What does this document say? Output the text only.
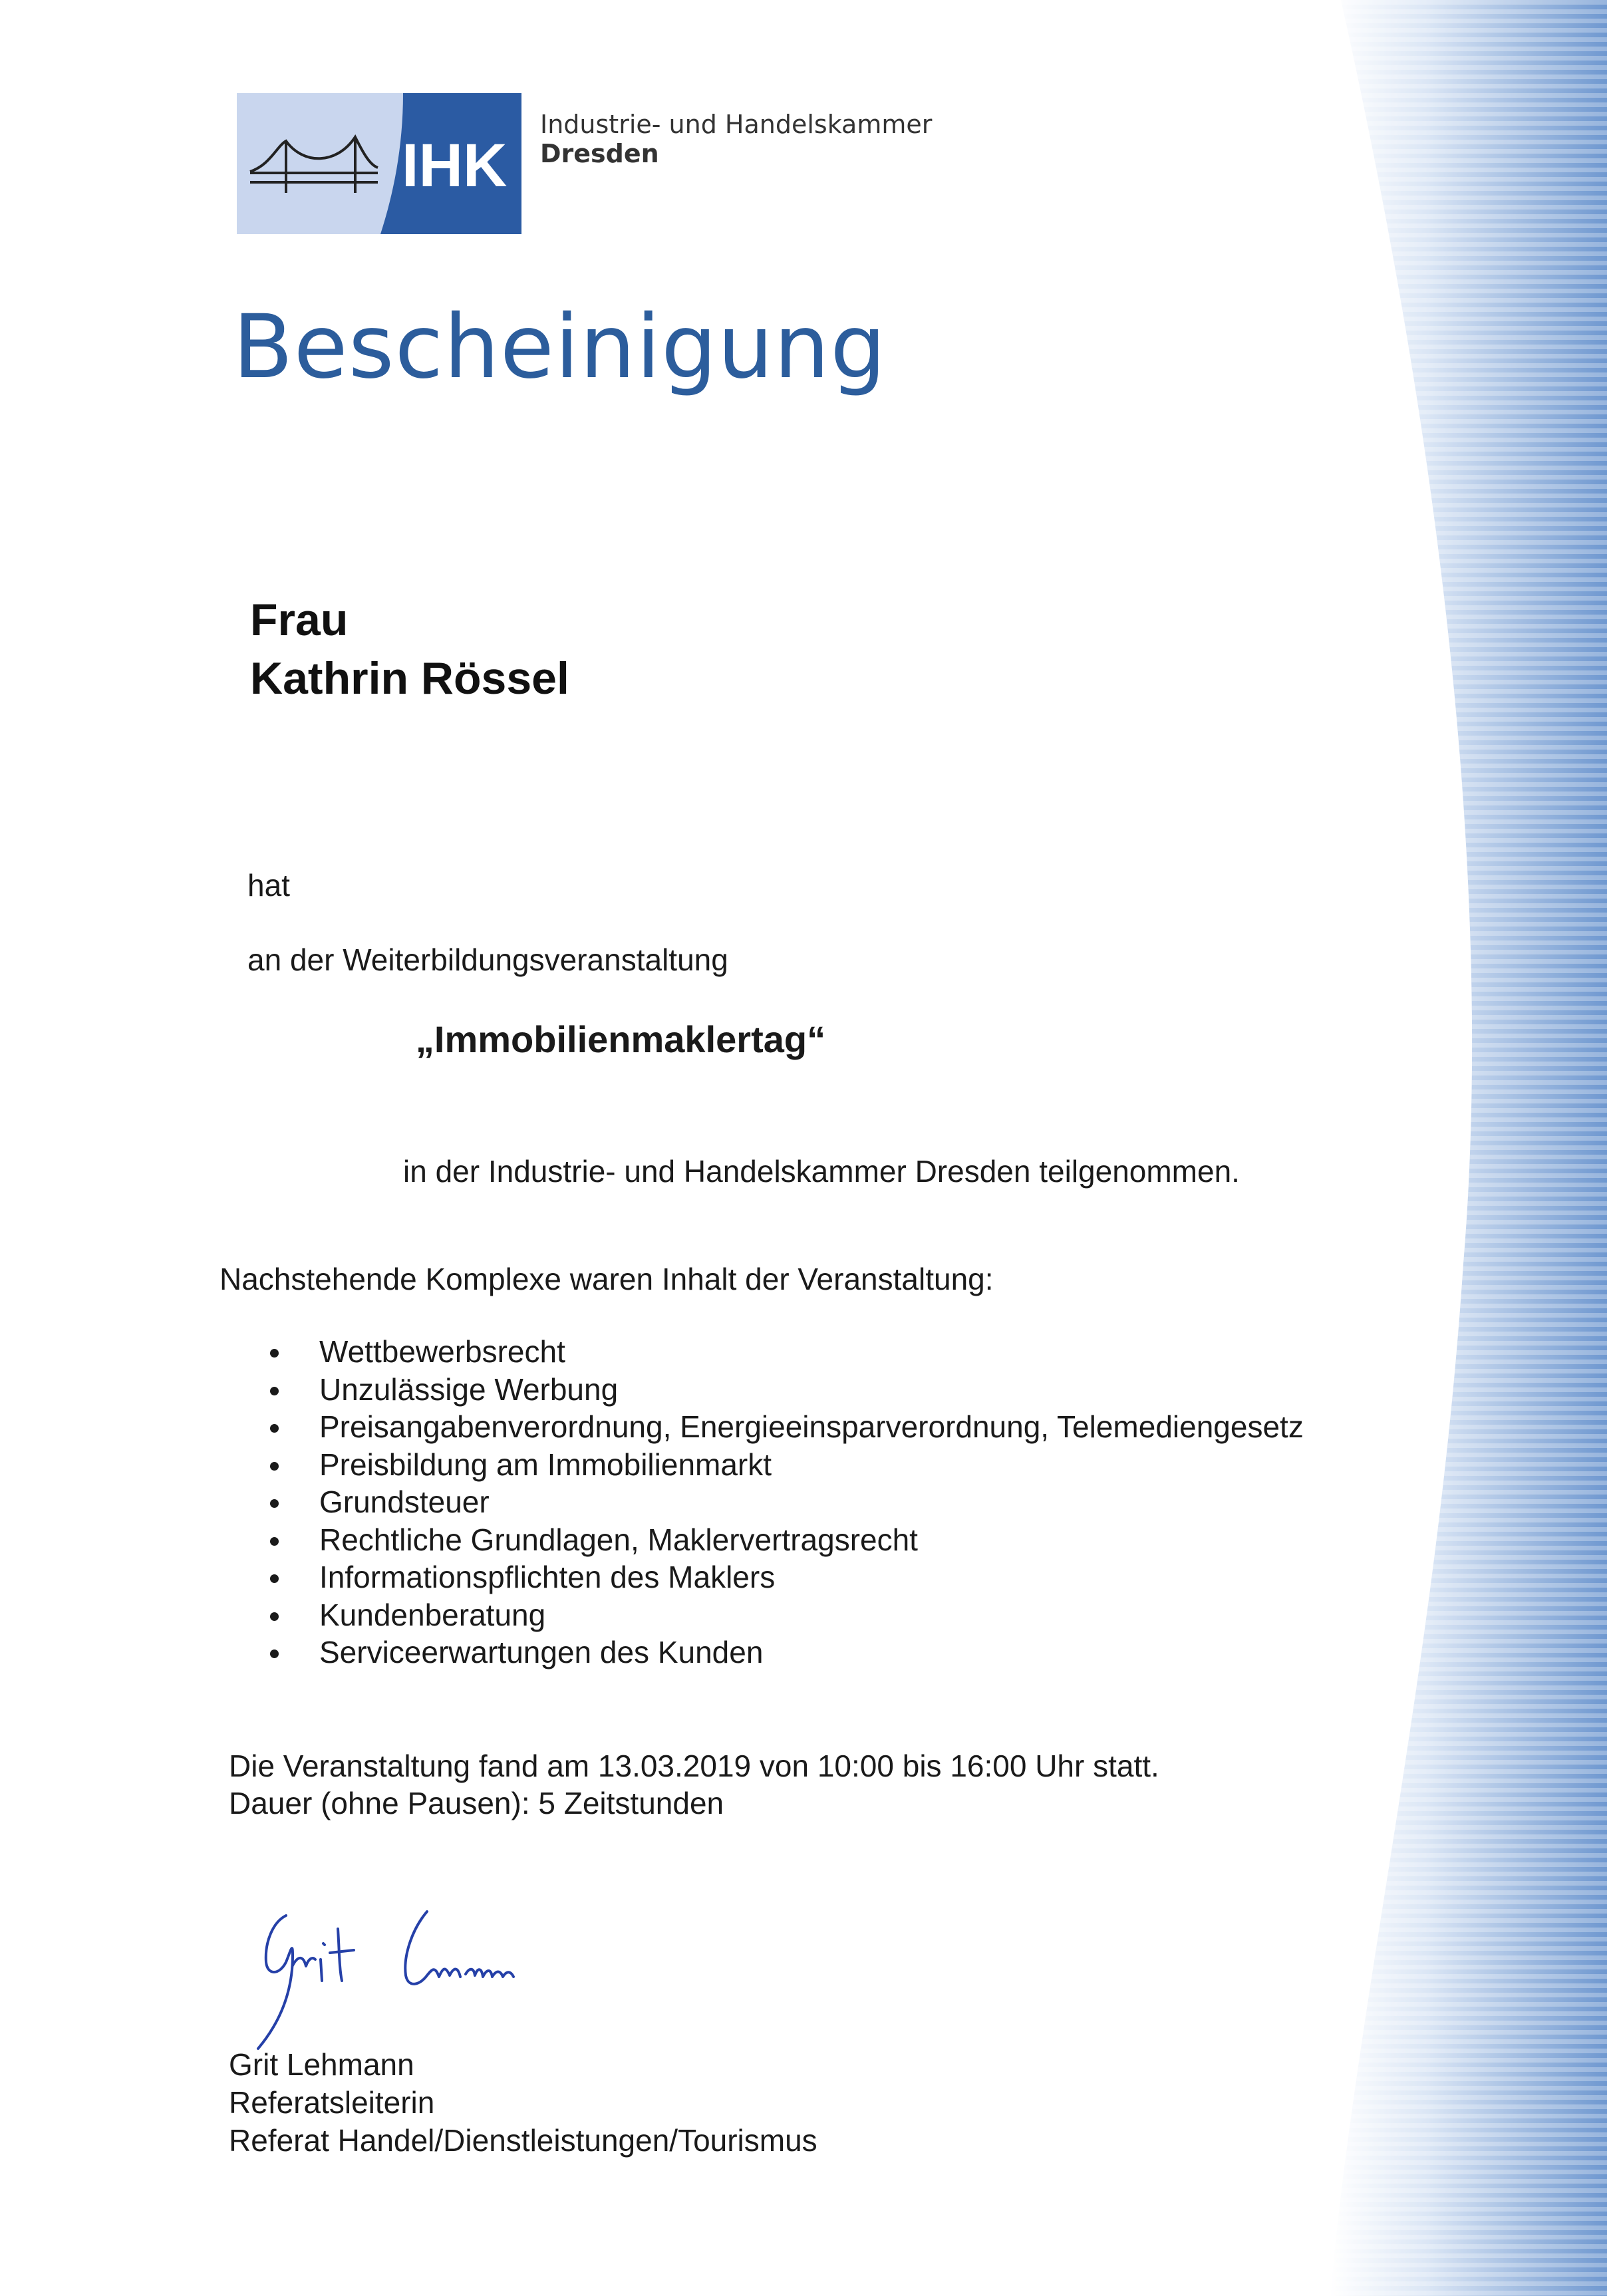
IHK
Industrie- und Handelskammer
Dresden
Bescheinigung
Frau
Kathrin Rössel

hat

an der Weiterbildungsveranstaltung

„Immobilienmaklertag“

in der Industrie- und Handelskammer Dresden teilgenommen.

Nachstehende Komplexe waren Inhalt der Veranstaltung:

Wettbewerbsrecht
Unzulässige Werbung
Preisangabenverordnung, Energieeinsparverordnung, Telemediengesetz
Preisbildung am Immobilienmarkt
Grundsteuer
Rechtliche Grundlagen, Maklervertragsrecht
Informationspflichten des Maklers
Kundenberatung
Serviceerwartungen des Kunden

Die Veranstaltung fand am 13.03.2019 von 10:00 bis 16:00 Uhr statt.

Dauer (ohne Pausen): 5 Zeitstunden

Grit Lehmann
Referatsleiterin
Referat Handel/Dienstleistungen/Tourismus
